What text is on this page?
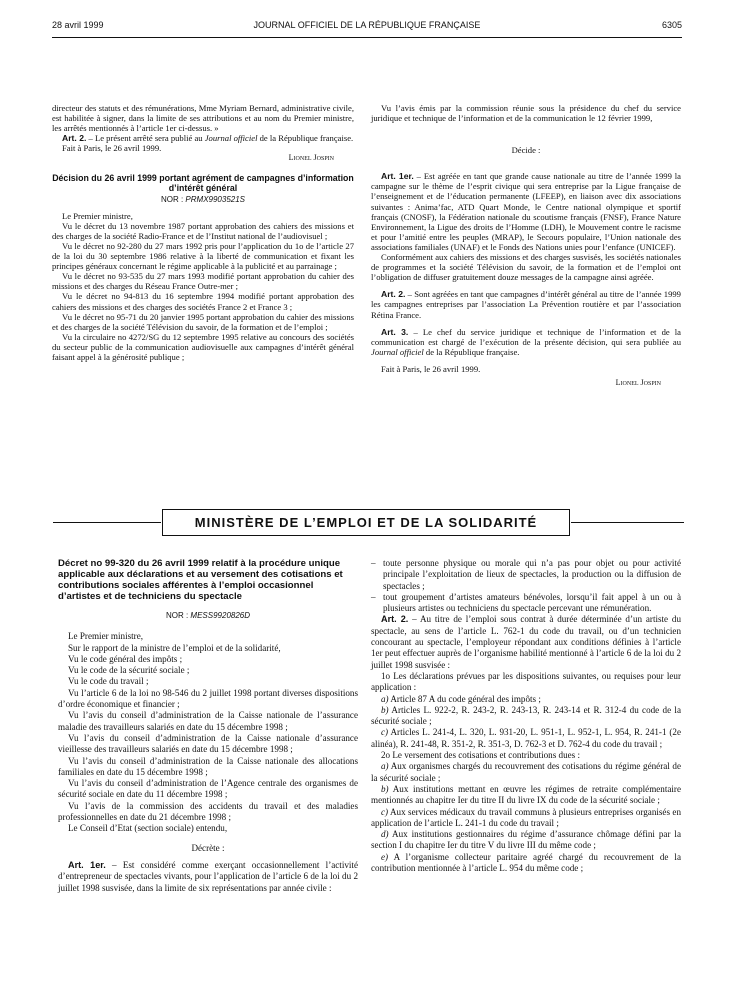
28 avril 1999	JOURNAL OFFICIEL DE LA RÉPUBLIQUE FRANÇAISE	6305

directeur des statuts et des rémunérations, Mme Myriam Bernard, administrative civile, est habilitée à signer, dans la limite de ses attributions et au nom du Premier ministre, les arrêtés mentionnés à l’article 1er ci-dessus. »

Art. 2. – Le présent arrêté sera publié au Journal officiel de la République française.

Fait à Paris, le 26 avril 1999.

Lionel Jospin

Décision du 26 avril 1999 portant agrément de campagnes d’information d’intérêt général

NOR : PRMX9903521S

Le Premier ministre,

Vu le décret du 13 novembre 1987 portant approbation des cahiers des missions et des charges de la société Radio-France et de l’Institut national de l’audiovisuel ;

Vu le décret no 92-280 du 27 mars 1992 pris pour l’application du 1o de l’article 27 de la loi du 30 septembre 1986 relative à la liberté de communication et fixant les principes généraux concernant le régime applicable à la publicité et au parrainage ;

Vu le décret no 93-535 du 27 mars 1993 modifié portant approbation du cahier des missions et des charges du Réseau France Outre-mer ;

Vu le décret no 94-813 du 16 septembre 1994 modifié portant approbation des cahiers des missions et des charges des sociétés France 2 et France 3 ;

Vu le décret no 95-71 du 20 janvier 1995 portant approbation du cahier des missions et des charges de la société Télévision du savoir, de la formation et de l’emploi ;

Vu la circulaire no 4272/SG du 12 septembre 1995 relative au concours des sociétés du secteur public de la communication audiovisuelle aux campagnes d’intérêt général faisant appel à la générosité publique ;

Vu l’avis émis par la commission réunie sous la présidence du chef du service juridique et technique de l’information et de la communication le 12 février 1999,

Décide :

Art. 1er. – Est agréée en tant que grande cause nationale au titre de l’année 1999 la campagne sur le thème de l’esprit civique qui sera entreprise par la Ligue française de l’enseignement et de l’éducation permanente (LFEEP), en liaison avec dix associations suivantes : Anima’fac, ATD Quart Monde, le Centre national olympique et sportif français (CNOSF), la Fédération nationale du scoutisme français (FNSF), France Nature Environnement, la Ligue des droits de l’Homme (LDH), le Mouvement contre le racisme et pour l’amitié entre les peuples (MRAP), le Secours populaire, l’Union nationale des associations familiales (UNAF) et le Fonds des Nations unies pour l’enfance (UNICEF).

Conformément aux cahiers des missions et des charges susvisés, les sociétés nationales de programmes et la société Télévision du savoir, de la formation et de l’emploi ont l’obligation de diffuser gratuitement douze messages de la campagne ainsi agréée.

Art. 2. – Sont agréées en tant que campagnes d’intérêt général au titre de l’année 1999 les campagnes entreprises par l’association La Prévention routière et par l’association Rétina France.

Art. 3. – Le chef du service juridique et technique de l’information et de la communication est chargé de l’exécution de la présente décision, qui sera publiée au Journal officiel de la République française.

Fait à Paris, le 26 avril 1999.

Lionel Jospin

MINISTÈRE DE L’EMPLOI ET DE LA SOLIDARITÉ

Décret no 99-320 du 26 avril 1999 relatif à la procédure unique applicable aux déclarations et au versement des cotisations et contributions sociales afférentes à l’emploi occasionnel d’artistes et de techniciens du spectacle

NOR : MESS9920826D

Le Premier ministre,

Sur le rapport de la ministre de l’emploi et de la solidarité,

Vu le code général des impôts ;

Vu le code de la sécurité sociale ;

Vu le code du travail ;

Vu l’article 6 de la loi no 98-546 du 2 juillet 1998 portant diverses dispositions d’ordre économique et financier ;

Vu l’avis du conseil d’administration de la Caisse nationale de l’assurance maladie des travailleurs salariés en date du 15 décembre 1998 ;

Vu l’avis du conseil d’administration de la Caisse nationale d’assurance vieillesse des travailleurs salariés en date du 15 décembre 1998 ;

Vu l’avis du conseil d’administration de la Caisse nationale des allocations familiales en date du 15 décembre 1998 ;

Vu l’avis du conseil d’administration de l’Agence centrale des organismes de sécurité sociale en date du 11 décembre 1998 ;

Vu l’avis de la commission des accidents du travail et des maladies professionnelles en date du 21 décembre 1998 ;

Le Conseil d’Etat (section sociale) entendu,

Décrète :

Art. 1er. – Est considéré comme exerçant occasionnellement l’activité d’entrepreneur de spectacles vivants, pour l’application de l’article 6 de la loi du 2 juillet 1998 susvisée, dans la limite de six représentations par année civile :

– toute personne physique ou morale qui n’a pas pour objet ou pour activité principale l’exploitation de lieux de spectacles, la production ou la diffusion de spectacles ;
– tout groupement d’artistes amateurs bénévoles, lorsqu’il fait appel à un ou à plusieurs artistes ou techniciens du spectacle percevant une rémunération.

Art. 2. – Au titre de l’emploi sous contrat à durée déterminée d’un artiste du spectacle, au sens de l’article L. 762-1 du code du travail, ou d’un technicien concourant au spectacle, l’employeur répondant aux conditions définies à l’article 1er peut effectuer auprès de l’organisme habilité mentionné à l’article 6 de la loi du 2 juillet 1998 susvisée :

1o Les déclarations prévues par les dispositions suivantes, ou requises pour leur application :

a) Article 87 A du code général des impôts ;

b) Articles L. 922-2, R. 243-2, R. 243-13, R. 243-14 et R. 312-4 du code de la sécurité sociale ;

c) Articles L. 241-4, L. 320, L. 931-20, L. 951-1, L. 952-1, L. 954, R. 241-1 (2e alinéa), R. 241-48, R. 351-2, R. 351-3, D. 762-3 et D. 762-4 du code du travail ;

2o Le versement des cotisations et contributions dues :

a) Aux organismes chargés du recouvrement des cotisations du régime général de la sécurité sociale ;

b) Aux institutions mettant en œuvre les régimes de retraite complémentaire mentionnés au chapitre Ier du titre II du livre IX du code de la sécurité sociale ;

c) Aux services médicaux du travail communs à plusieurs entreprises organisés en application de l’article L. 241-1 du code du travail ;

d) Aux institutions gestionnaires du régime d’assurance chômage défini par la section I du chapitre Ier du titre V du livre III du même code ;

e) A l’organisme collecteur paritaire agréé chargé du recouvrement de la contribution mentionnée à l’article L. 954 du même code ;
